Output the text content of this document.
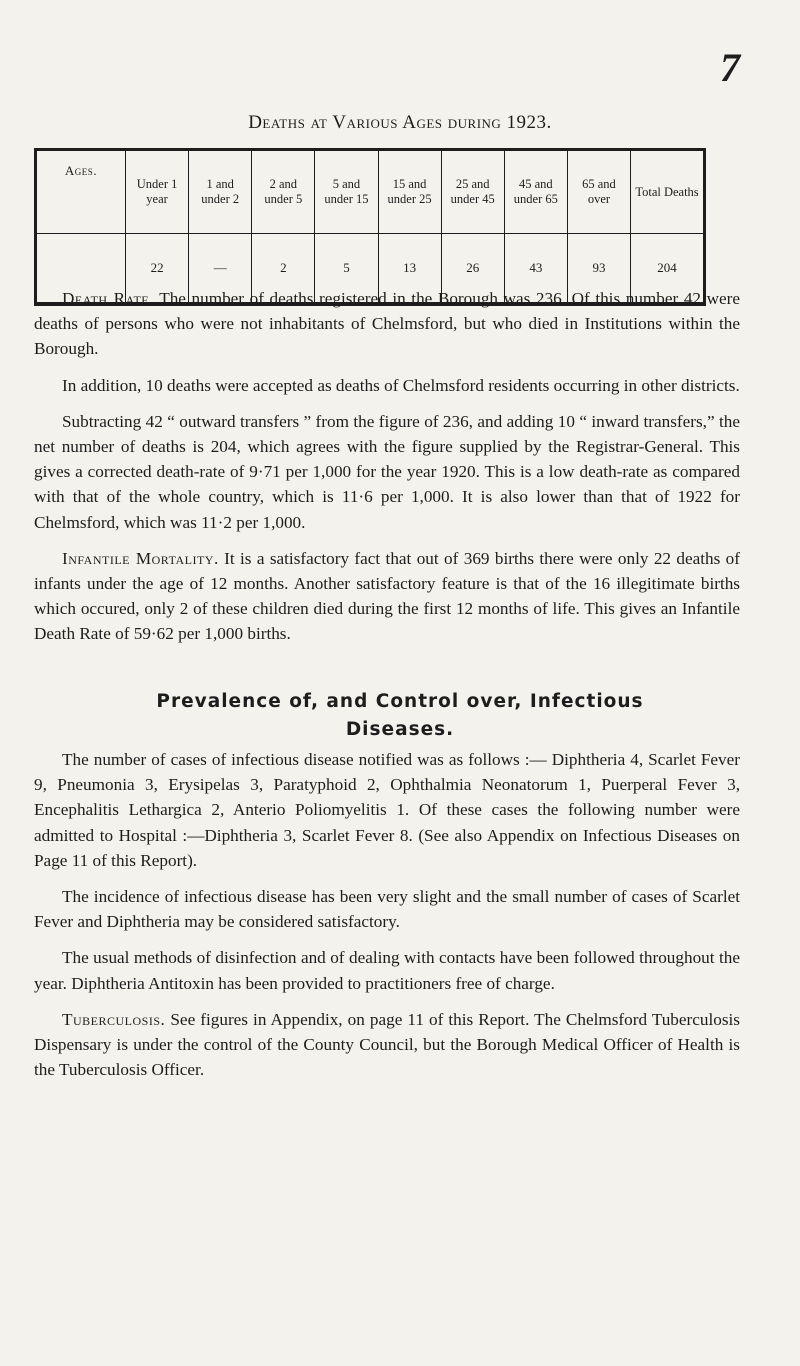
7
Deaths at Various Ages during 1923.
Ages.	Under 1 year	1 and under 2	2 and under 5	5 and under 15	15 and under 25	25 and under 45	45 and under 65	65 and over	Total Deaths
	22	—	2	5	13	26	43	93	204

Death Rate. The number of deaths registered in the Borough was 236. Of this number 42 were deaths of persons who were not inhabitants of Chelmsford, but who died in Institutions within the Borough.

In addition, 10 deaths were accepted as deaths of Chelmsford residents occurring in other districts.

Subtracting 42 “ outward transfers ” from the figure of 236, and adding 10 “ inward transfers,” the net number of deaths is 204, which agrees with the figure supplied by the Registrar-General. This gives a corrected death-rate of 9·71 per 1,000 for the year 1920. This is a low death-rate as compared with that of the whole country, which is 11·6 per 1,000. It is also lower than that of 1922 for Chelmsford, which was 11·2 per 1,000.

Infantile Mortality. It is a satisfactory fact that out of 369 births there were only 22 deaths of infants under the age of 12 months. Another satisfactory feature is that of the 16 illegitimate births which occured, only 2 of these children died during the first 12 months of life. This gives an Infantile Death Rate of 59·62 per 1,000 births.

Prevalence of, and Control over, Infectious
Diseases.

The number of cases of infectious disease notified was as follows :— Diphtheria 4, Scarlet Fever 9, Pneumonia 3, Erysipelas 3, Paratyphoid 2, Ophthalmia Neonatorum 1, Puerperal Fever 3, Encephalitis Lethargica 2, Anterio Poliomyelitis 1. Of these cases the following number were admitted to Hospital :—Diphtheria 3, Scarlet Fever 8. (See also Appendix on Infectious Diseases on Page 11 of this Report).

The incidence of infectious disease has been very slight and the small number of cases of Scarlet Fever and Diphtheria may be considered satisfactory.

The usual methods of disinfection and of dealing with contacts have been followed throughout the year. Diphtheria Antitoxin has been provided to practitioners free of charge.

Tuberculosis. See figures in Appendix, on page 11 of this Report. The Chelmsford Tuberculosis Dispensary is under the control of the County Council, but the Borough Medical Officer of Health is the Tuberculosis Officer.
